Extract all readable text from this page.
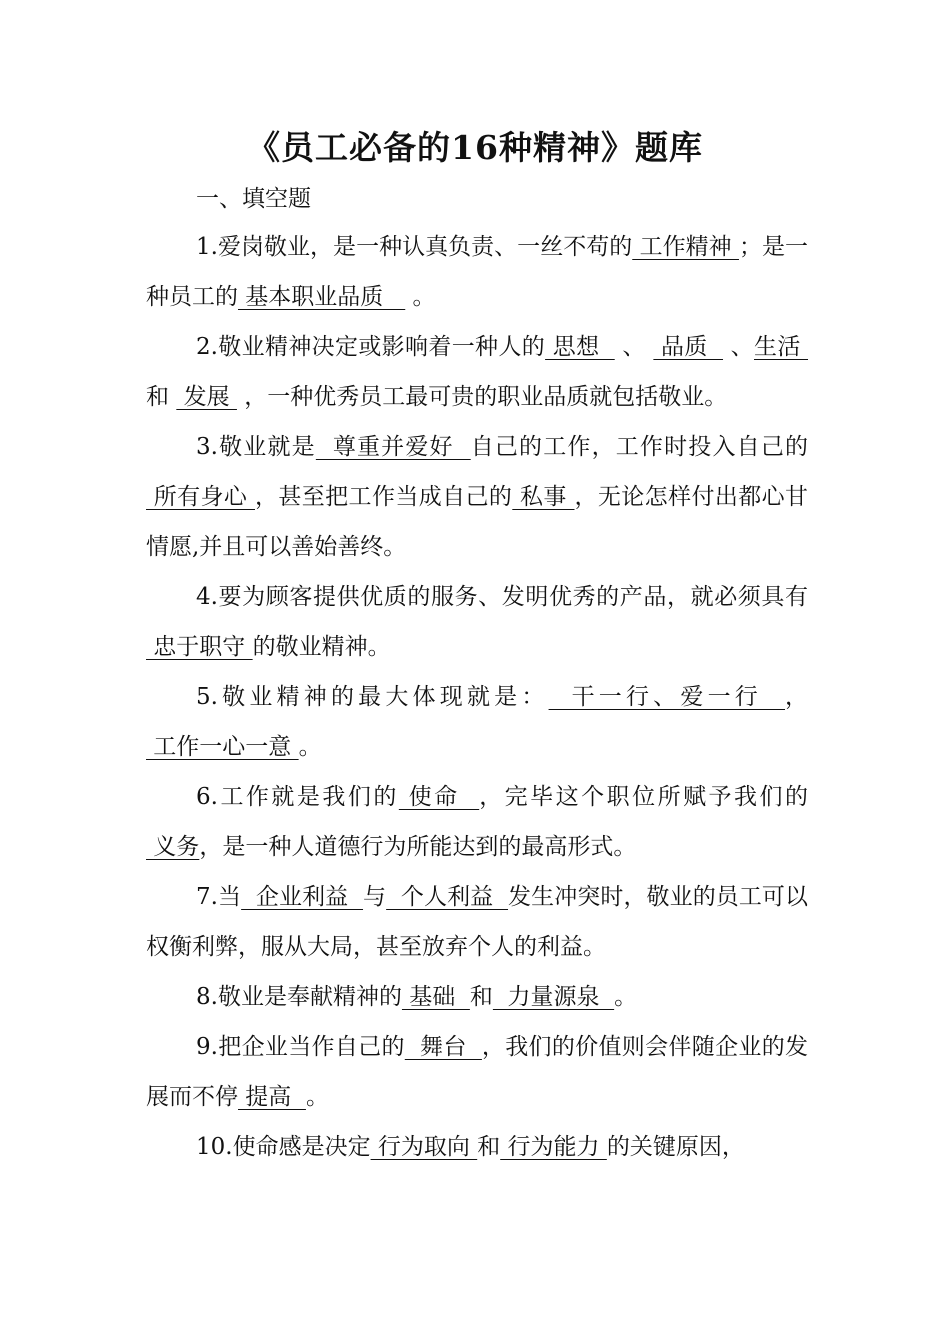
《员工必备的16种精神》题库
一、填空题

1.爱岗敬业，是一种认真负责、一丝不苟的 工作精神 ；是一种员工的 基本职业品质    。

2.敬业精神决定或影响着一种人的 思想   、  品质   、生活  和  发展  ，一种优秀员工最可贵的职业品质就包括敬业。

3.敬业就是  尊重并爱好  自己的工作，工作时投入自己的 所有身心 ，甚至把工作当成自己的 私事 ，无论怎样付出都心甘情愿,并且可以善始善终。

4.要为顾客提供优质的服务、发明优秀的产品，就必须具有 忠于职守 的敬业精神。

5.敬业精神的最大体现就是：  干一行、爱一行  ， 工作一心一意 。

6.工作就是我们的 使命  ，完毕这个职位所赋予我们的 义务，是一种人道德行为所能达到的最高形式。

7.当  企业利益  与  个人利益  发生冲突时，敬业的员工可以权衡利弊，服从大局，甚至放弃个人的利益。

8.敬业是奉献精神的 基础  和  力量源泉  。

9.把企业当作自己的  舞台  ，我们的价值则会伴随企业的发展而不停 提高  。

10.使命感是决定 行为取向 和 行为能力 的关键原因，
